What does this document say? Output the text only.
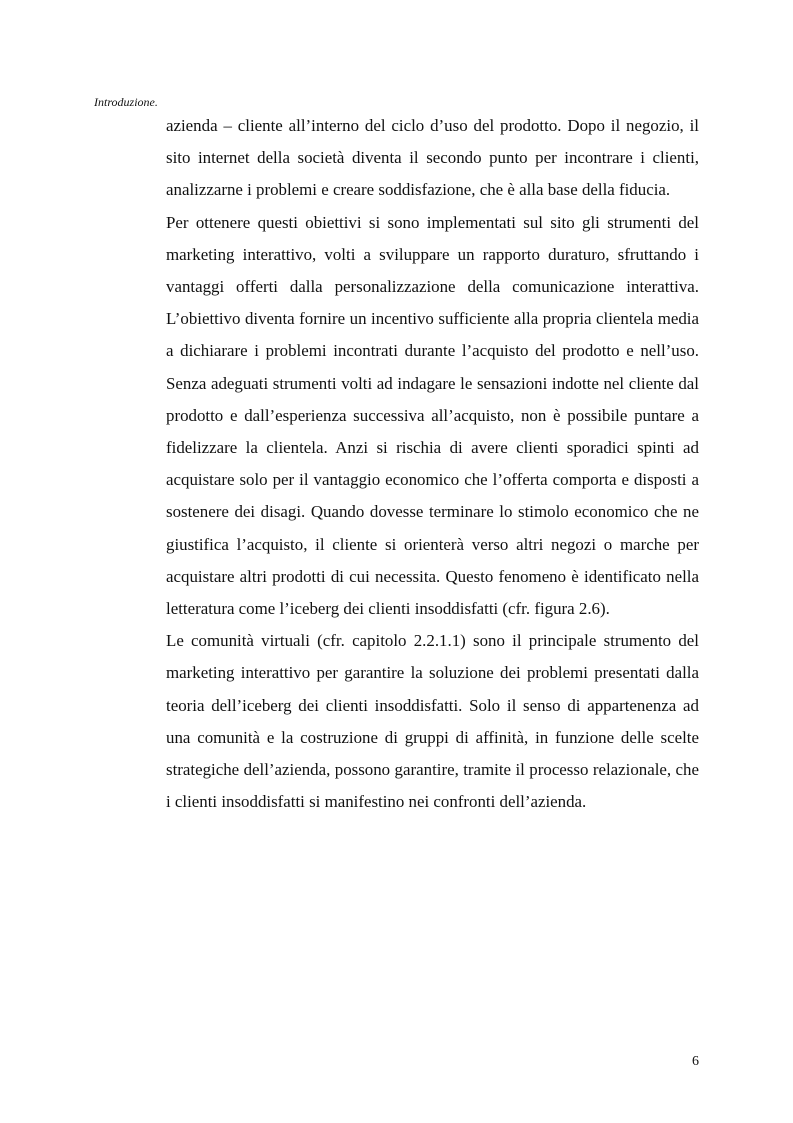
Introduzione.

azienda – cliente all’interno del ciclo d’uso del prodotto. Dopo il negozio, il sito internet della società diventa il secondo punto per incontrare i clienti, analizzarne i problemi e creare soddisfazione, che è alla base della fiducia.

Per ottenere questi obiettivi si sono implementati sul sito gli strumenti del marketing interattivo, volti a sviluppare un rapporto duraturo, sfruttando i vantaggi offerti dalla personalizzazione della comunicazione interattiva. L’obiettivo diventa fornire un incentivo sufficiente alla propria clientela media a dichiarare i problemi incontrati durante l’acquisto del prodotto e nell’uso. Senza adeguati strumenti volti ad indagare le sensazioni indotte nel cliente dal prodotto e dall’esperienza successiva all’acquisto, non è possibile puntare a fidelizzare la clientela. Anzi si rischia di avere clienti sporadici spinti ad acquistare solo per il vantaggio economico che l’offerta comporta e disposti a sostenere dei disagi. Quando dovesse terminare lo stimolo economico che ne giustifica l’acquisto, il cliente si orienterà verso altri negozi o marche per acquistare altri prodotti di cui necessita. Questo fenomeno è identificato nella letteratura come l’iceberg dei clienti insoddisfatti (cfr. figura 2.6).

Le comunità virtuali (cfr. capitolo 2.2.1.1) sono il principale strumento del marketing interattivo per garantire la soluzione dei problemi presentati dalla teoria dell’iceberg dei clienti insoddisfatti. Solo il senso di appartenenza ad una comunità e la costruzione di gruppi di affinità, in funzione delle scelte strategiche dell’azienda, possono garantire, tramite il processo relazionale, che i clienti insoddisfatti si manifestino nei confronti dell’azienda.

6
